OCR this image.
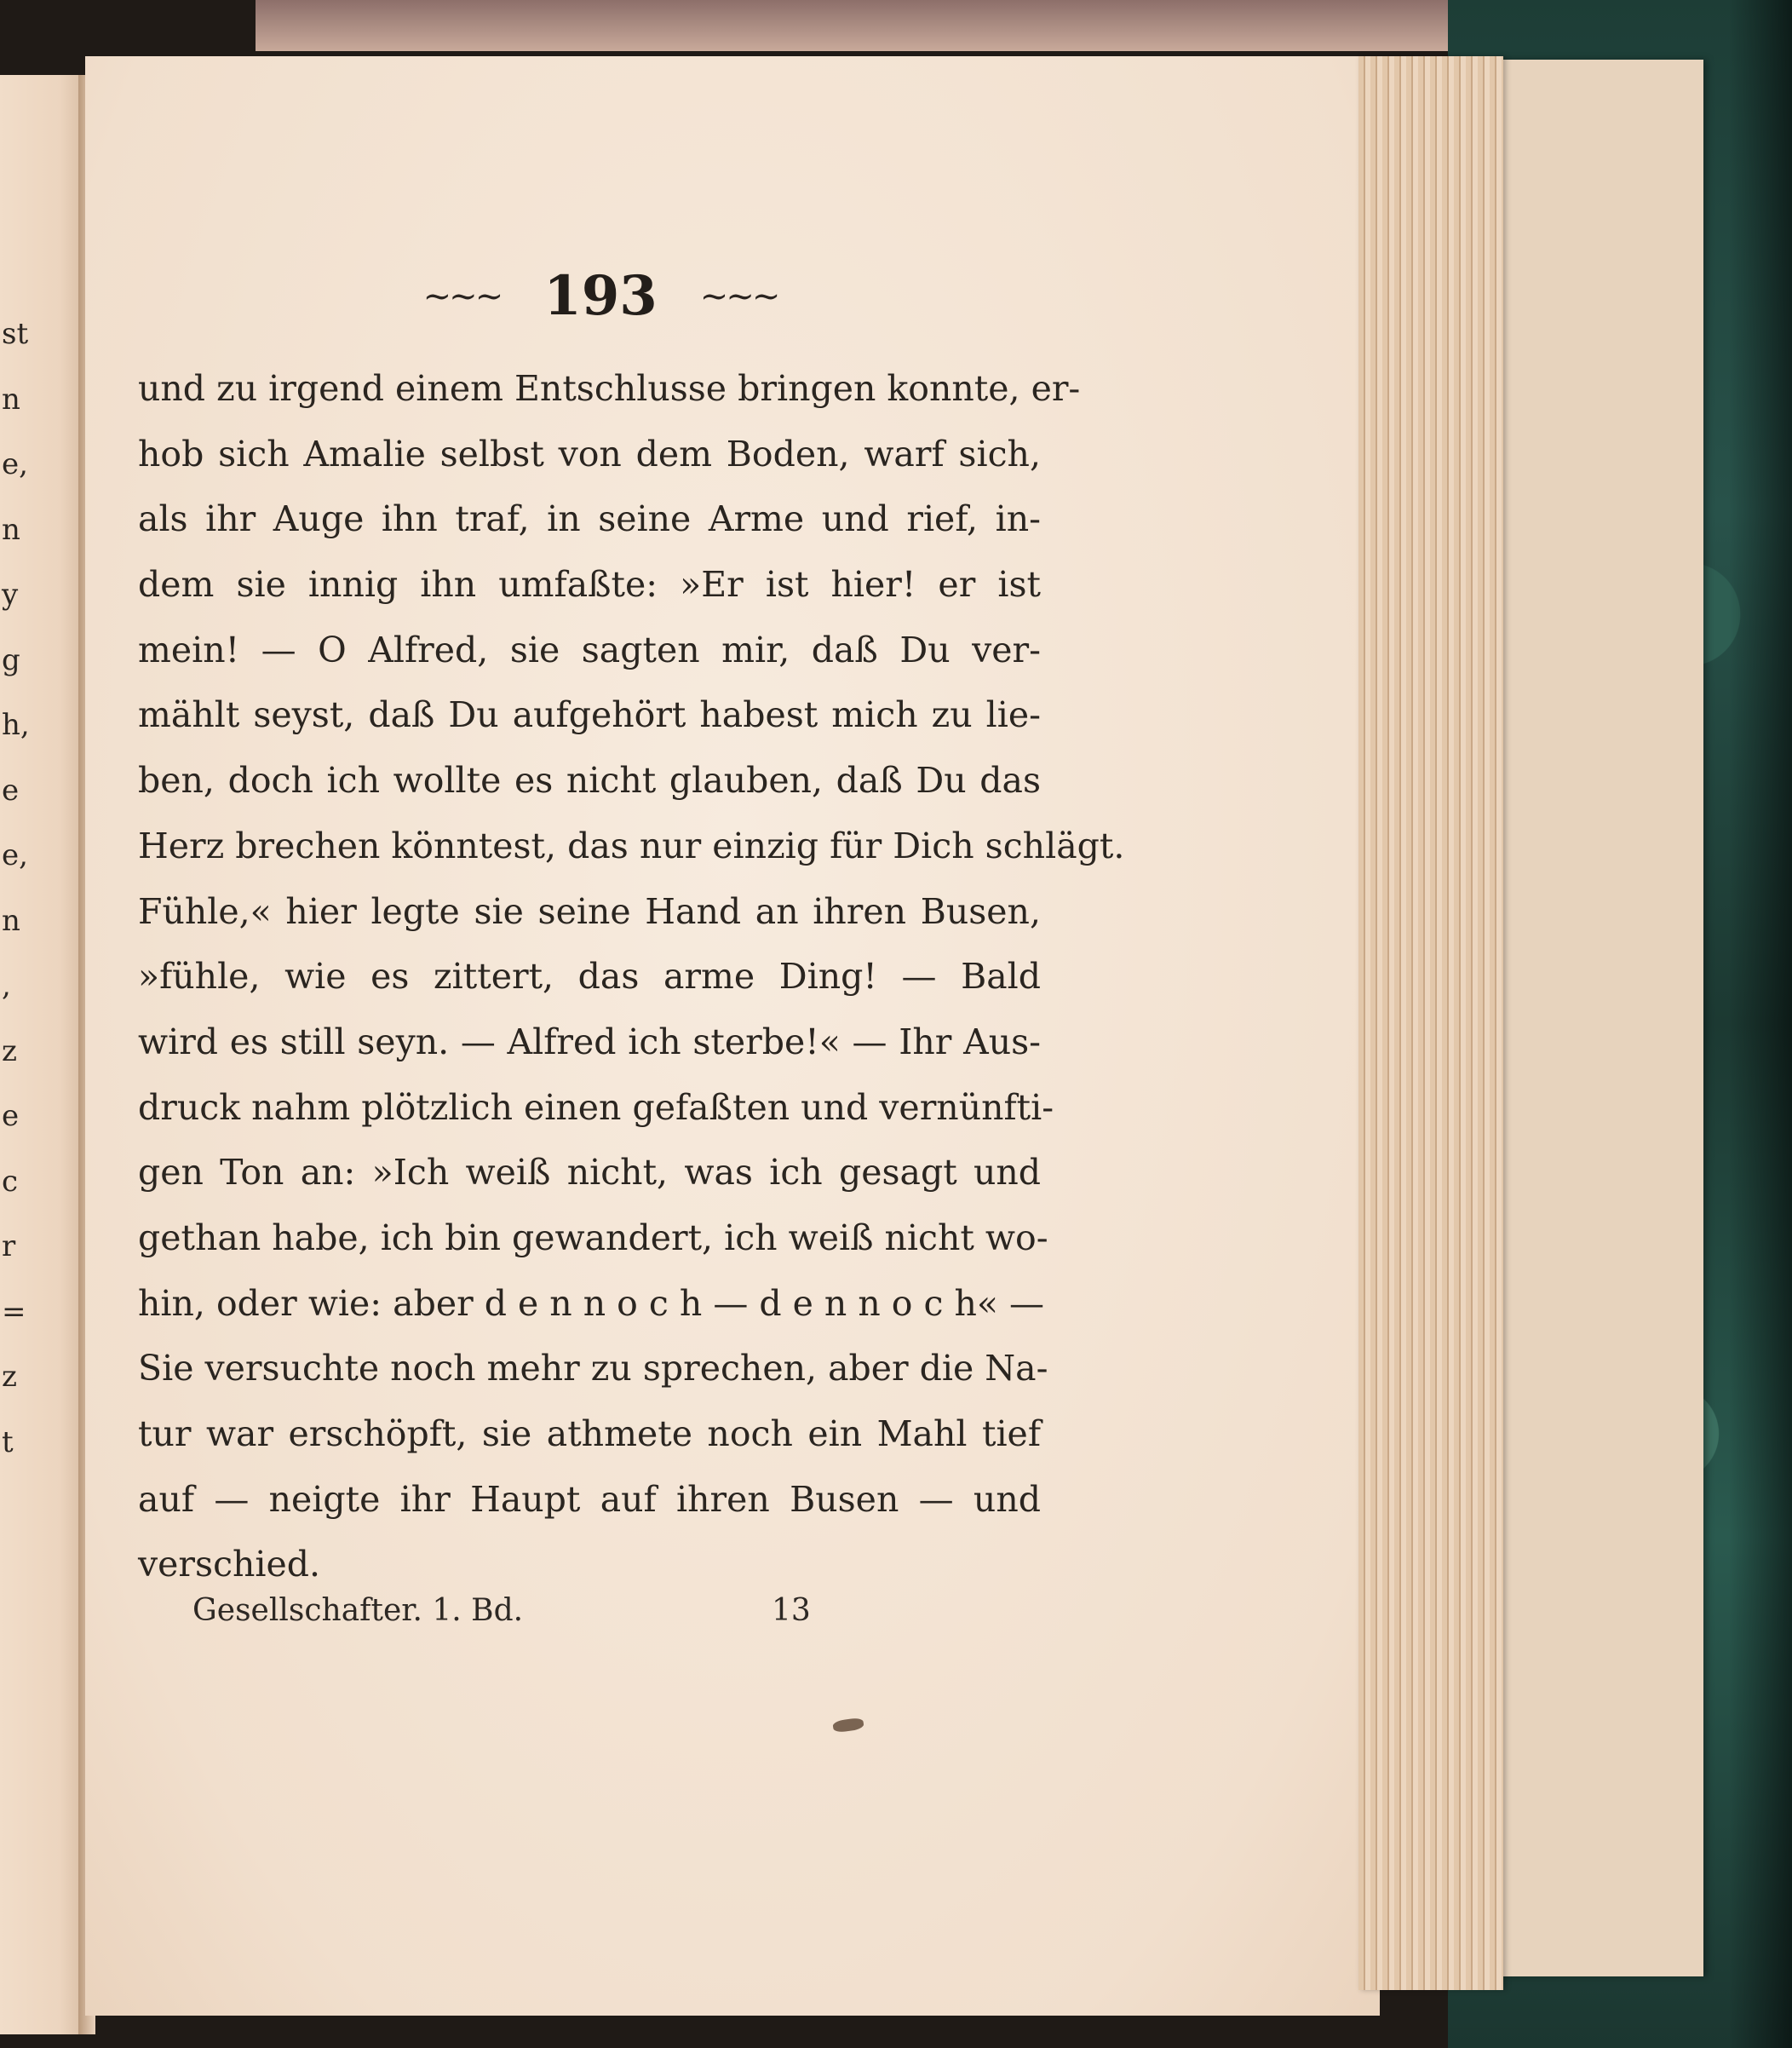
st
n
e,
n
y
g
h,
e
e,
n
,
z
e
c
r
=
z
t
~~~ 193 ~~~
und zu irgend einem Entschlusse bringen konnte, er-
hob sich Amalie selbst von dem Boden, warf sich,
als ihr Auge ihn traf, in seine Arme und rief, in-
dem sie innig ihn umfaßte: »Er ist hier! er ist
mein! — O Alfred, sie sagten mir, daß Du ver-
mählt seyst, daß Du aufgehört habest mich zu lie-
ben, doch ich wollte es nicht glauben, daß Du das
Herz brechen könntest, das nur einzig für Dich schlägt.
Fühle,« hier legte sie seine Hand an ihren Busen,
»fühle, wie es zittert, das arme Ding! — Bald
wird es still seyn. — Alfred ich sterbe!« — Ihr Aus-
druck nahm plötzlich einen gefaßten und vernünfti-
gen Ton an: »Ich weiß nicht, was ich gesagt und
gethan habe, ich bin gewandert, ich weiß nicht wo-
hin, oder wie: aber d e n n o c h — d e n n o c h« —
Sie versuchte noch mehr zu sprechen, aber die Na-
tur war erschöpft, sie athmete noch ein Mahl tief
auf — neigte ihr Haupt auf ihren Busen — und
verschied.
Gesellschafter. 1. Bd.	13
